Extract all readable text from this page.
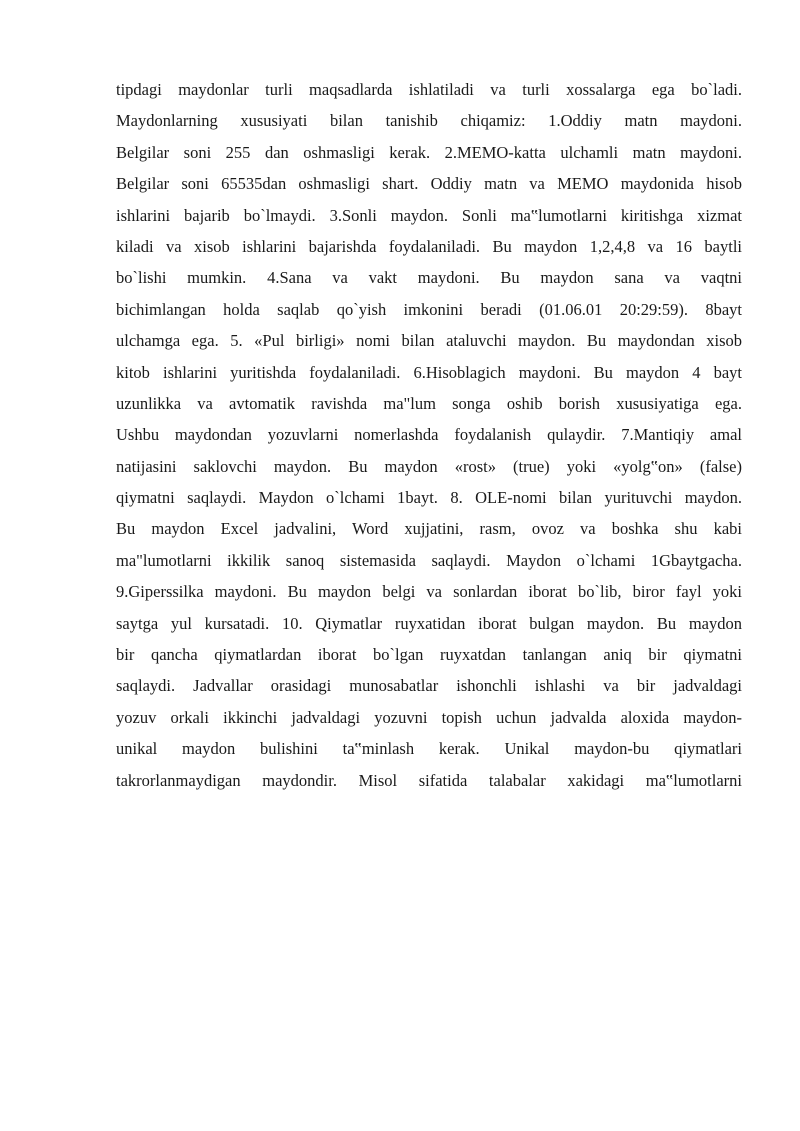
tipdagi maydonlar turli maqsadlarda ishlatiladi va turli xossalarga ega bo`ladi.
Maydonlarning xususiyati bilan tanishib chiqamiz: 1.Oddiy matn maydoni.
Belgilar soni 255 dan oshmasligi kerak. 2.MEMO-katta ulchamli matn maydoni.
Belgilar soni 65535dan oshmasligi shart. Oddiy matn va MEMO maydonida hisob
ishlarini bajarib bo`lmaydi. 3.Sonli maydon. Sonli ma‟lumotlarni kiritishga xizmat
kiladi va xisob ishlarini bajarishda foydalaniladi. Bu maydon 1,2,4,8 va 16 baytli
bo`lishi mumkin. 4.Sana va vakt maydoni. Bu maydon sana va vaqtni
bichimlangan holda saqlab qo`yish imkonini beradi (01.06.01 20:29:59). 8bayt
ulchamga ega. 5. «Pul birligi» nomi bilan ataluvchi maydon. Bu maydondan xisob
kitob ishlarini yuritishda foydalaniladi. 6.Hisoblagich maydoni. Bu maydon 4 bayt
uzunlikka va avtomatik ravishda ma"lum songa oshib borish xususiyatiga ega.
Ushbu maydondan yozuvlarni nomerlashda foydalanish qulaydir. 7.Mantiqiy amal
natijasini saklovchi maydon. Bu maydon «rost» (true) yoki «yolg‟on» (false)
qiymatni saqlaydi. Maydon o`lchami 1bayt. 8. OLE-nomi bilan yurituvchi maydon.
Bu maydon Excel jadvalini, Word xujjatini, rasm, ovoz va boshka shu kabi
ma"lumotlarni ikkilik sanoq sistemasida saqlaydi. Maydon o`lchami 1Gbaytgacha.
9.Giperssilka maydoni. Bu maydon belgi va sonlardan iborat bo`lib, biror fayl yoki
saytga yul kursatadi. 10. Qiymatlar ruyxatidan iborat bulgan maydon. Bu maydon
bir qancha qiymatlardan iborat bo`lgan ruyxatdan tanlangan aniq bir qiymatni
saqlaydi. Jadvallar orasidagi munosabatlar ishonchli ishlashi va bir jadvaldagi
yozuv orkali ikkinchi jadvaldagi yozuvni topish uchun jadvalda aloxida maydon-
unikal maydon bulishini ta‟minlash kerak. Unikal maydon-bu qiymatlari
takrorlanmaydigan maydondir. Misol sifatida talabalar xakidagi ma‟lumotlarni
